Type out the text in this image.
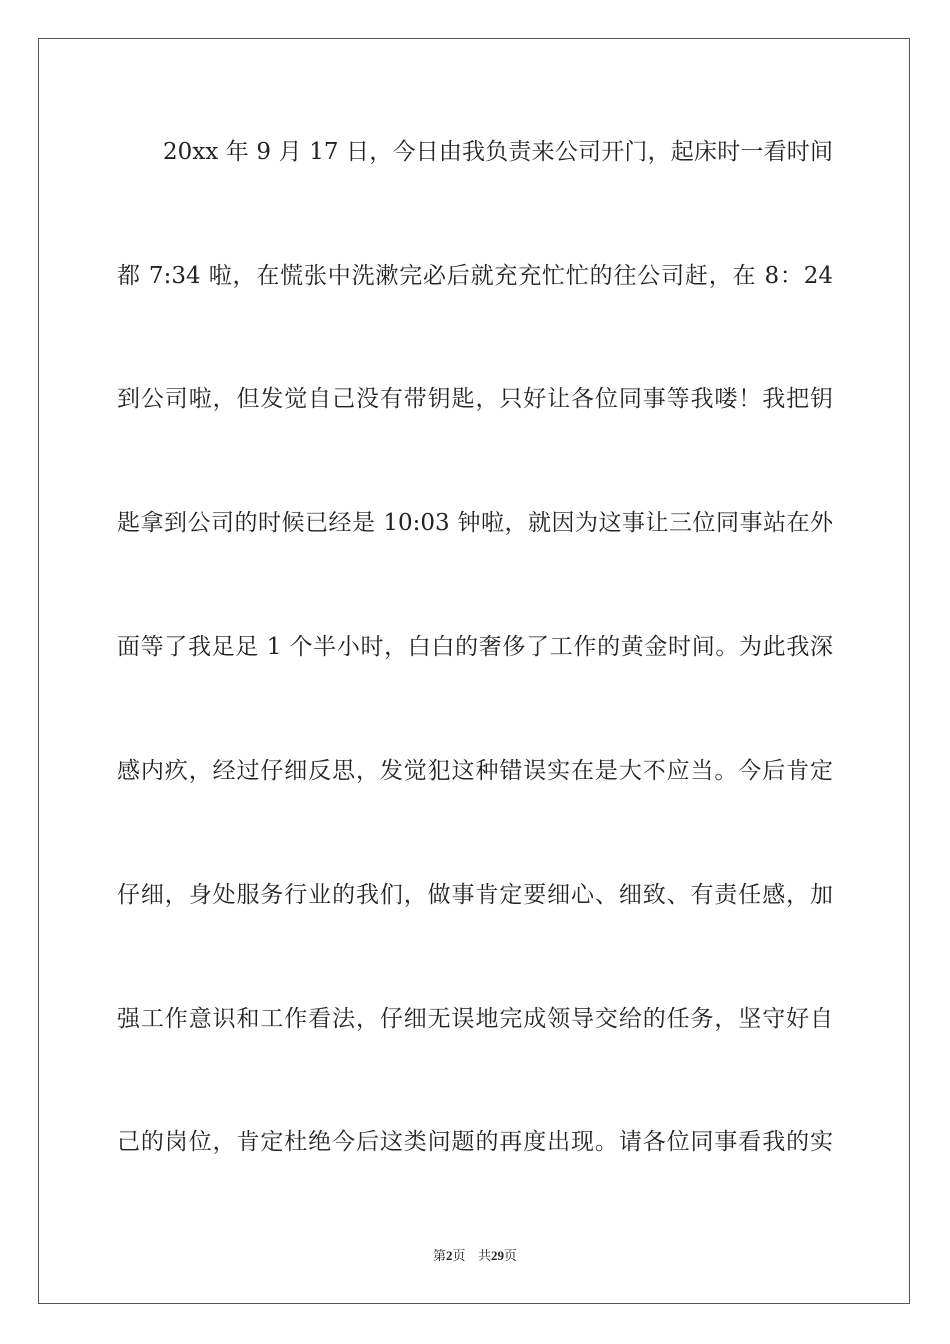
20xx 年 9 月 17 日，今日由我负责来公司开门，起床时一看时间
都 7:34 啦，在慌张中洗漱完必后就充充忙忙的往公司赶，在 8：24
到公司啦，但发觉自己没有带钥匙，只好让各位同事等我喽！我把钥
匙拿到公司的时候已经是 10:03 钟啦，就因为这事让三位同事站在外
面等了我足足 1 个半小时，白白的奢侈了工作的黄金时间。为此我深
感内疚，经过仔细反思，发觉犯这种错误实在是大不应当。今后肯定
仔细，身处服务行业的我们，做事肯定要细心、细致、有责任感，加
强工作意识和工作看法，仔细无误地完成领导交给的任务，坚守好自
己的岗位，肯定杜绝今后这类问题的再度出现。请各位同事看我的实
第2页 共29页
